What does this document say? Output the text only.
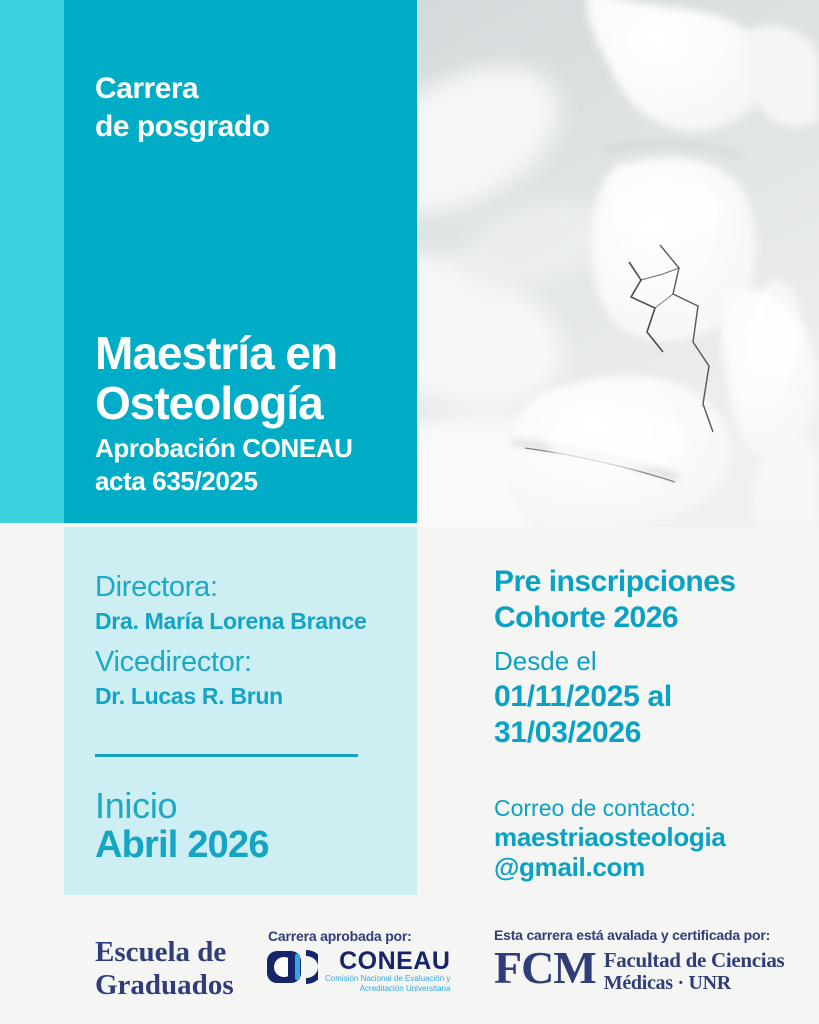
Carrera
de posgrado
Maestría en
Osteología
Aprobación CONEAU
acta 635/2025
Directora:
Dra. María Lorena Brance
Vicedirector:
Dr. Lucas R. Brun
Inicio
Abril 2026
Pre inscripciones
Cohorte 2026
Desde el
01/11/2025 al
31/03/2026
Correo de contacto:
maestriaosteologia
@gmail.com
Escuela de
Graduados
Carrera aprobada por:
CONEAU
Comisión Nacional de Evaluación y
Acreditación Universitaria
Esta carrera está avalada y certificada por:
FCM Facultad de Ciencias
Médicas · UNR
